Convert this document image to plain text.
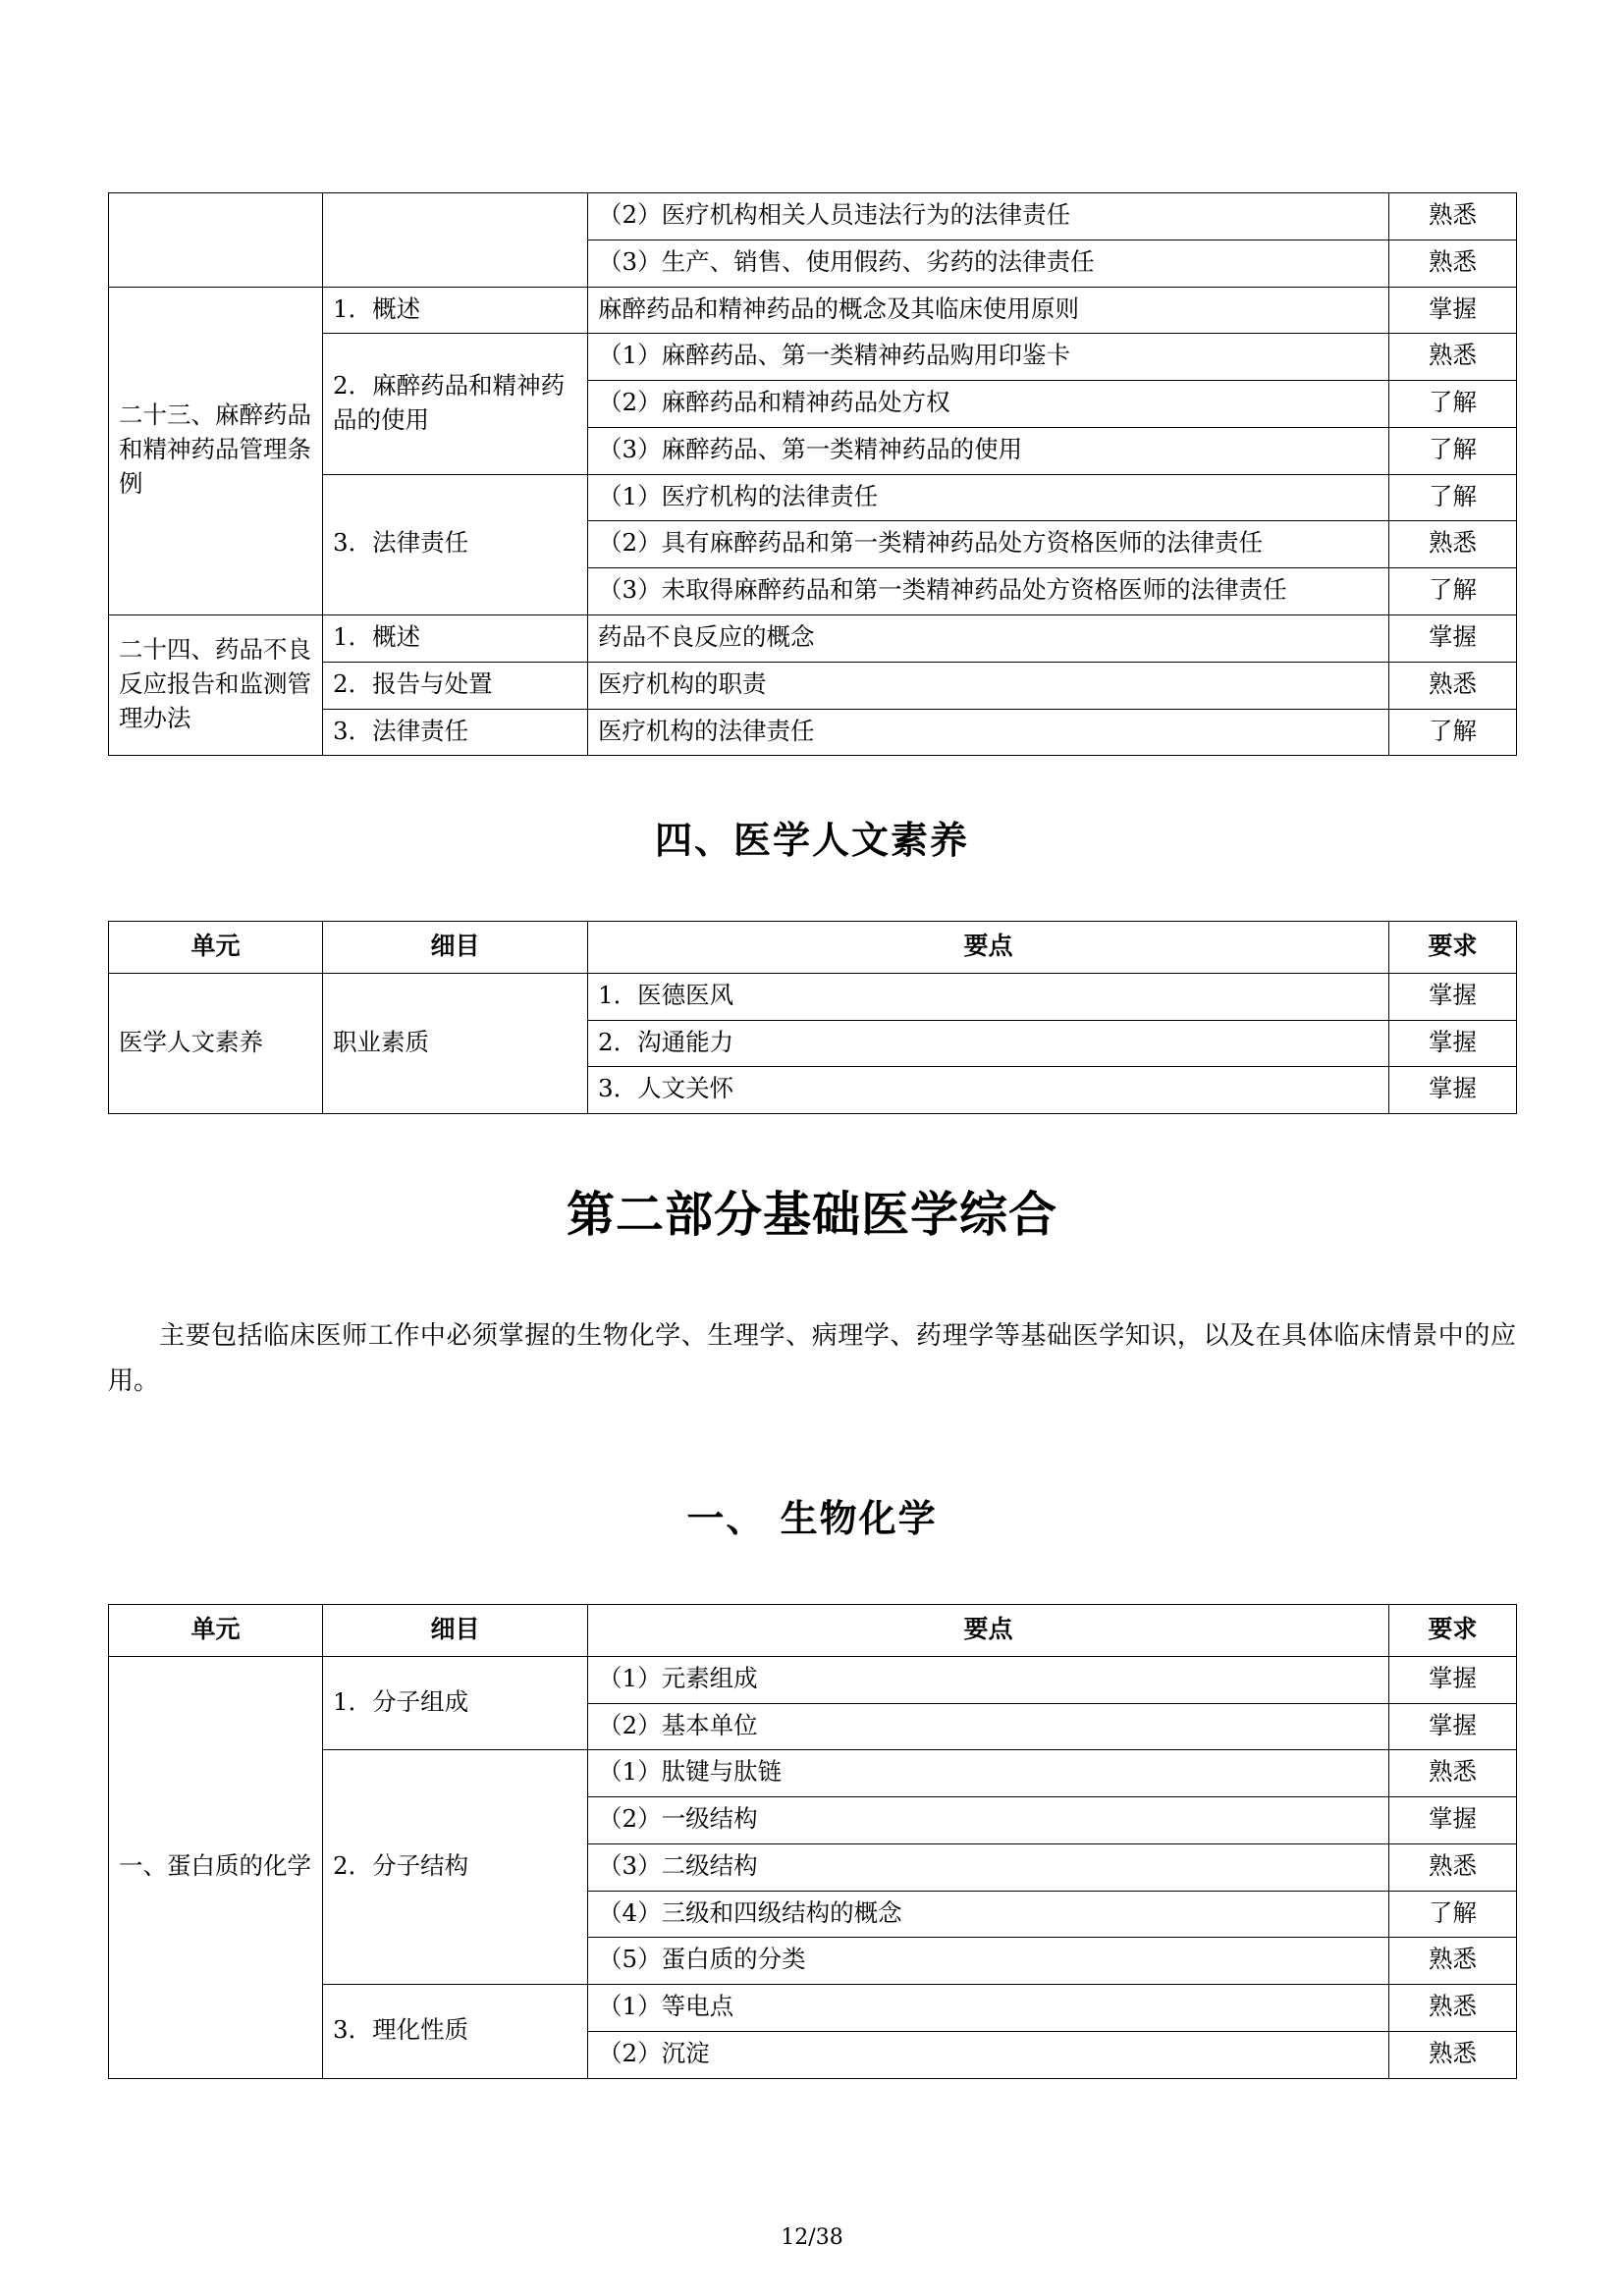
		（2）医疗机构相关人员违法行为的法律责任	熟悉
		（3）生产、销售、使用假药、劣药的法律责任	熟悉
二十三、麻醉药品和精神药品管理条例	1．概述	麻醉药品和精神药品的概念及其临床使用原则	掌握
	2．麻醉药品和精神药品的使用	（1）麻醉药品、第一类精神药品购用印鉴卡	熟悉
		（2）麻醉药品和精神药品处方权	了解
		（3）麻醉药品、第一类精神药品的使用	了解
	3．法律责任	（1）医疗机构的法律责任	了解
		（2）具有麻醉药品和第一类精神药品处方资格医师的法律责任	熟悉
		（3）未取得麻醉药品和第一类精神药品处方资格医师的法律责任	了解
二十四、药品不良反应报告和监测管理办法	1．概述	药品不良反应的概念	掌握
	2．报告与处置	医疗机构的职责	熟悉
	3．法律责任	医疗机构的法律责任	了解
四、医学人文素养
单元	细目	要点	要求
医学人文素养	职业素质	1．医德医风	掌握
		2．沟通能力	掌握
		3．人文关怀	掌握
第二部分基础医学综合

主要包括临床医师工作中必须掌握的生物化学、生理学、病理学、药理学等基础医学知识，以及在具体临床情景中的应用。

一、 生物化学
单元	细目	要点	要求
一、蛋白质的化学	1．分子组成	（1）元素组成	掌握
		（2）基本单位	掌握
	2．分子结构	（1）肽键与肽链	熟悉
		（2）一级结构	掌握
		（3）二级结构	熟悉
		（4）三级和四级结构的概念	了解
		（5）蛋白质的分类	熟悉
	3．理化性质	（1）等电点	熟悉
		（2）沉淀	熟悉
12/38
